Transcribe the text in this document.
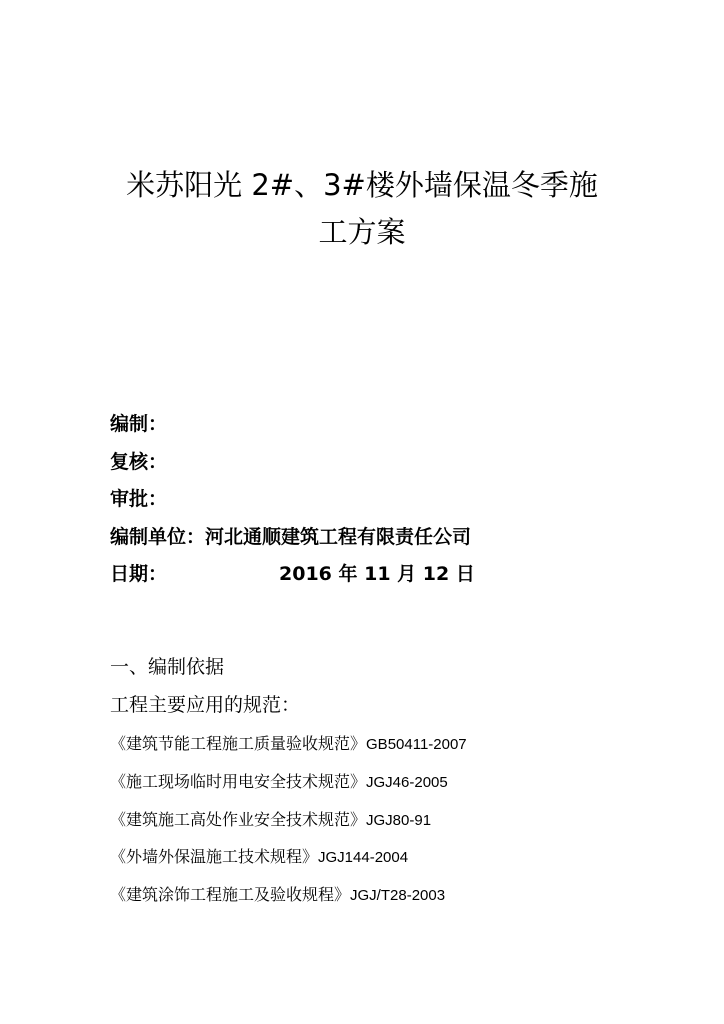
米苏阳光 2#、3#楼外墙保温冬季施
工方案
编制：
复核：
审批：
编制单位：河北通顺建筑工程有限责任公司
日期：	2016 年 11 月 12 日
一、编制依据
工程主要应用的规范：
《建筑节能工程施工质量验收规范》GB50411-2007
《施工现场临时用电安全技术规范》JGJ46-2005
《建筑施工高处作业安全技术规范》JGJ80-91
《外墙外保温施工技术规程》JGJ144-2004
《建筑涂饰工程施工及验收规程》JGJ/T28-2003
